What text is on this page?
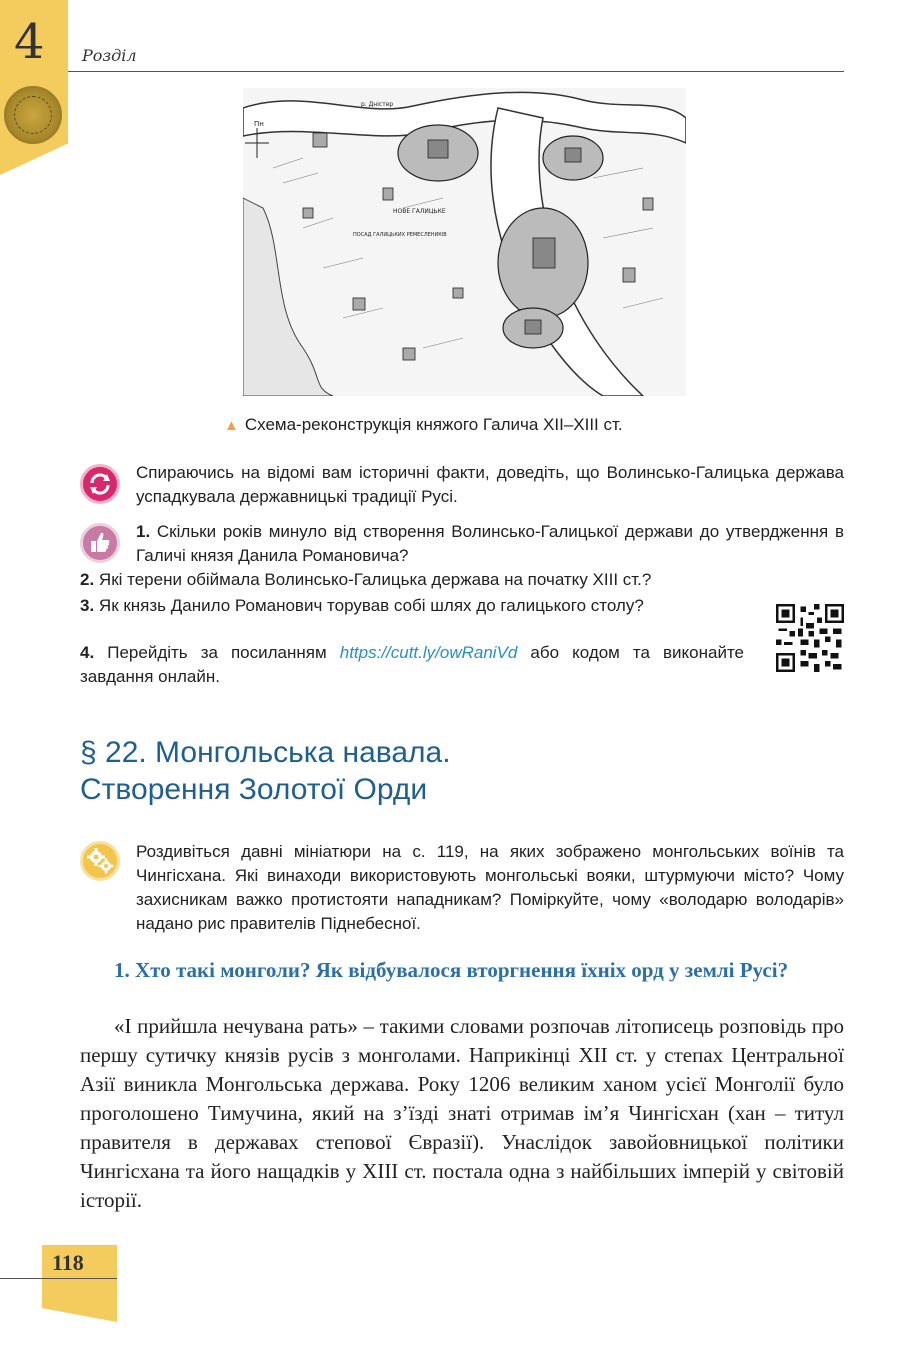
4 Розділ
Пн
р. Дністер
НОВЕ ГАЛИЦЬКЕ
ПОСАД ГАЛИЦЬКИХ РЕМЕСЛЕНИКІВ
▲ Схема-реконструкція княжого Галича XII–XIII ст.

Спираючись на відомі вам історичні факти, доведіть, що Волинсько-Галицька держава успадкувала державницькі традиції Русі.

1. Скільки років минуло від створення Волинсько-Галицької держави до утвердження в Галичі князя Данила Романовича?

2. Які терени обіймала Волинсько-Галицька держава на початку XIII ст.?

3. Як князь Данило Романович торував собі шлях до галицького столу?

4. Перейдіть за посиланням https://cutt.ly/owRaniVd або кодом та виконайте завдання онлайн.

§ 22. Монгольська навала.
Створення Золотої Орди

Роздивіться давні мініатюри на с. 119, на яких зображено монгольських воїнів та Чингісхана. Які винаходи використовують монгольські вояки, штурмуючи місто? Чому захисникам важко протистояти нападникам? Поміркуйте, чому «володарю володарів» надано рис правителів Піднебесної.

1. Хто такі монголи? Як відбувалося вторгнення їхніх орд у землі Русі?

«І прийшла нечувана рать» – такими словами розпочав літописець розповідь про першу сутичку князів русів з монголами. Наприкінці XII ст. у степах Центральної Азії виникла Монгольська держава. Року 1206 великим ханом усієї Монголії було проголошено Тимучина, який на з’їзді знаті отримав ім’я Чингісхан (хан – титул правителя в державах степової Євразії). Унаслідок завойовницької політики Чингісхана та його нащадків у XIII ст. постала одна з найбільших імперій у світовій історії.

118
